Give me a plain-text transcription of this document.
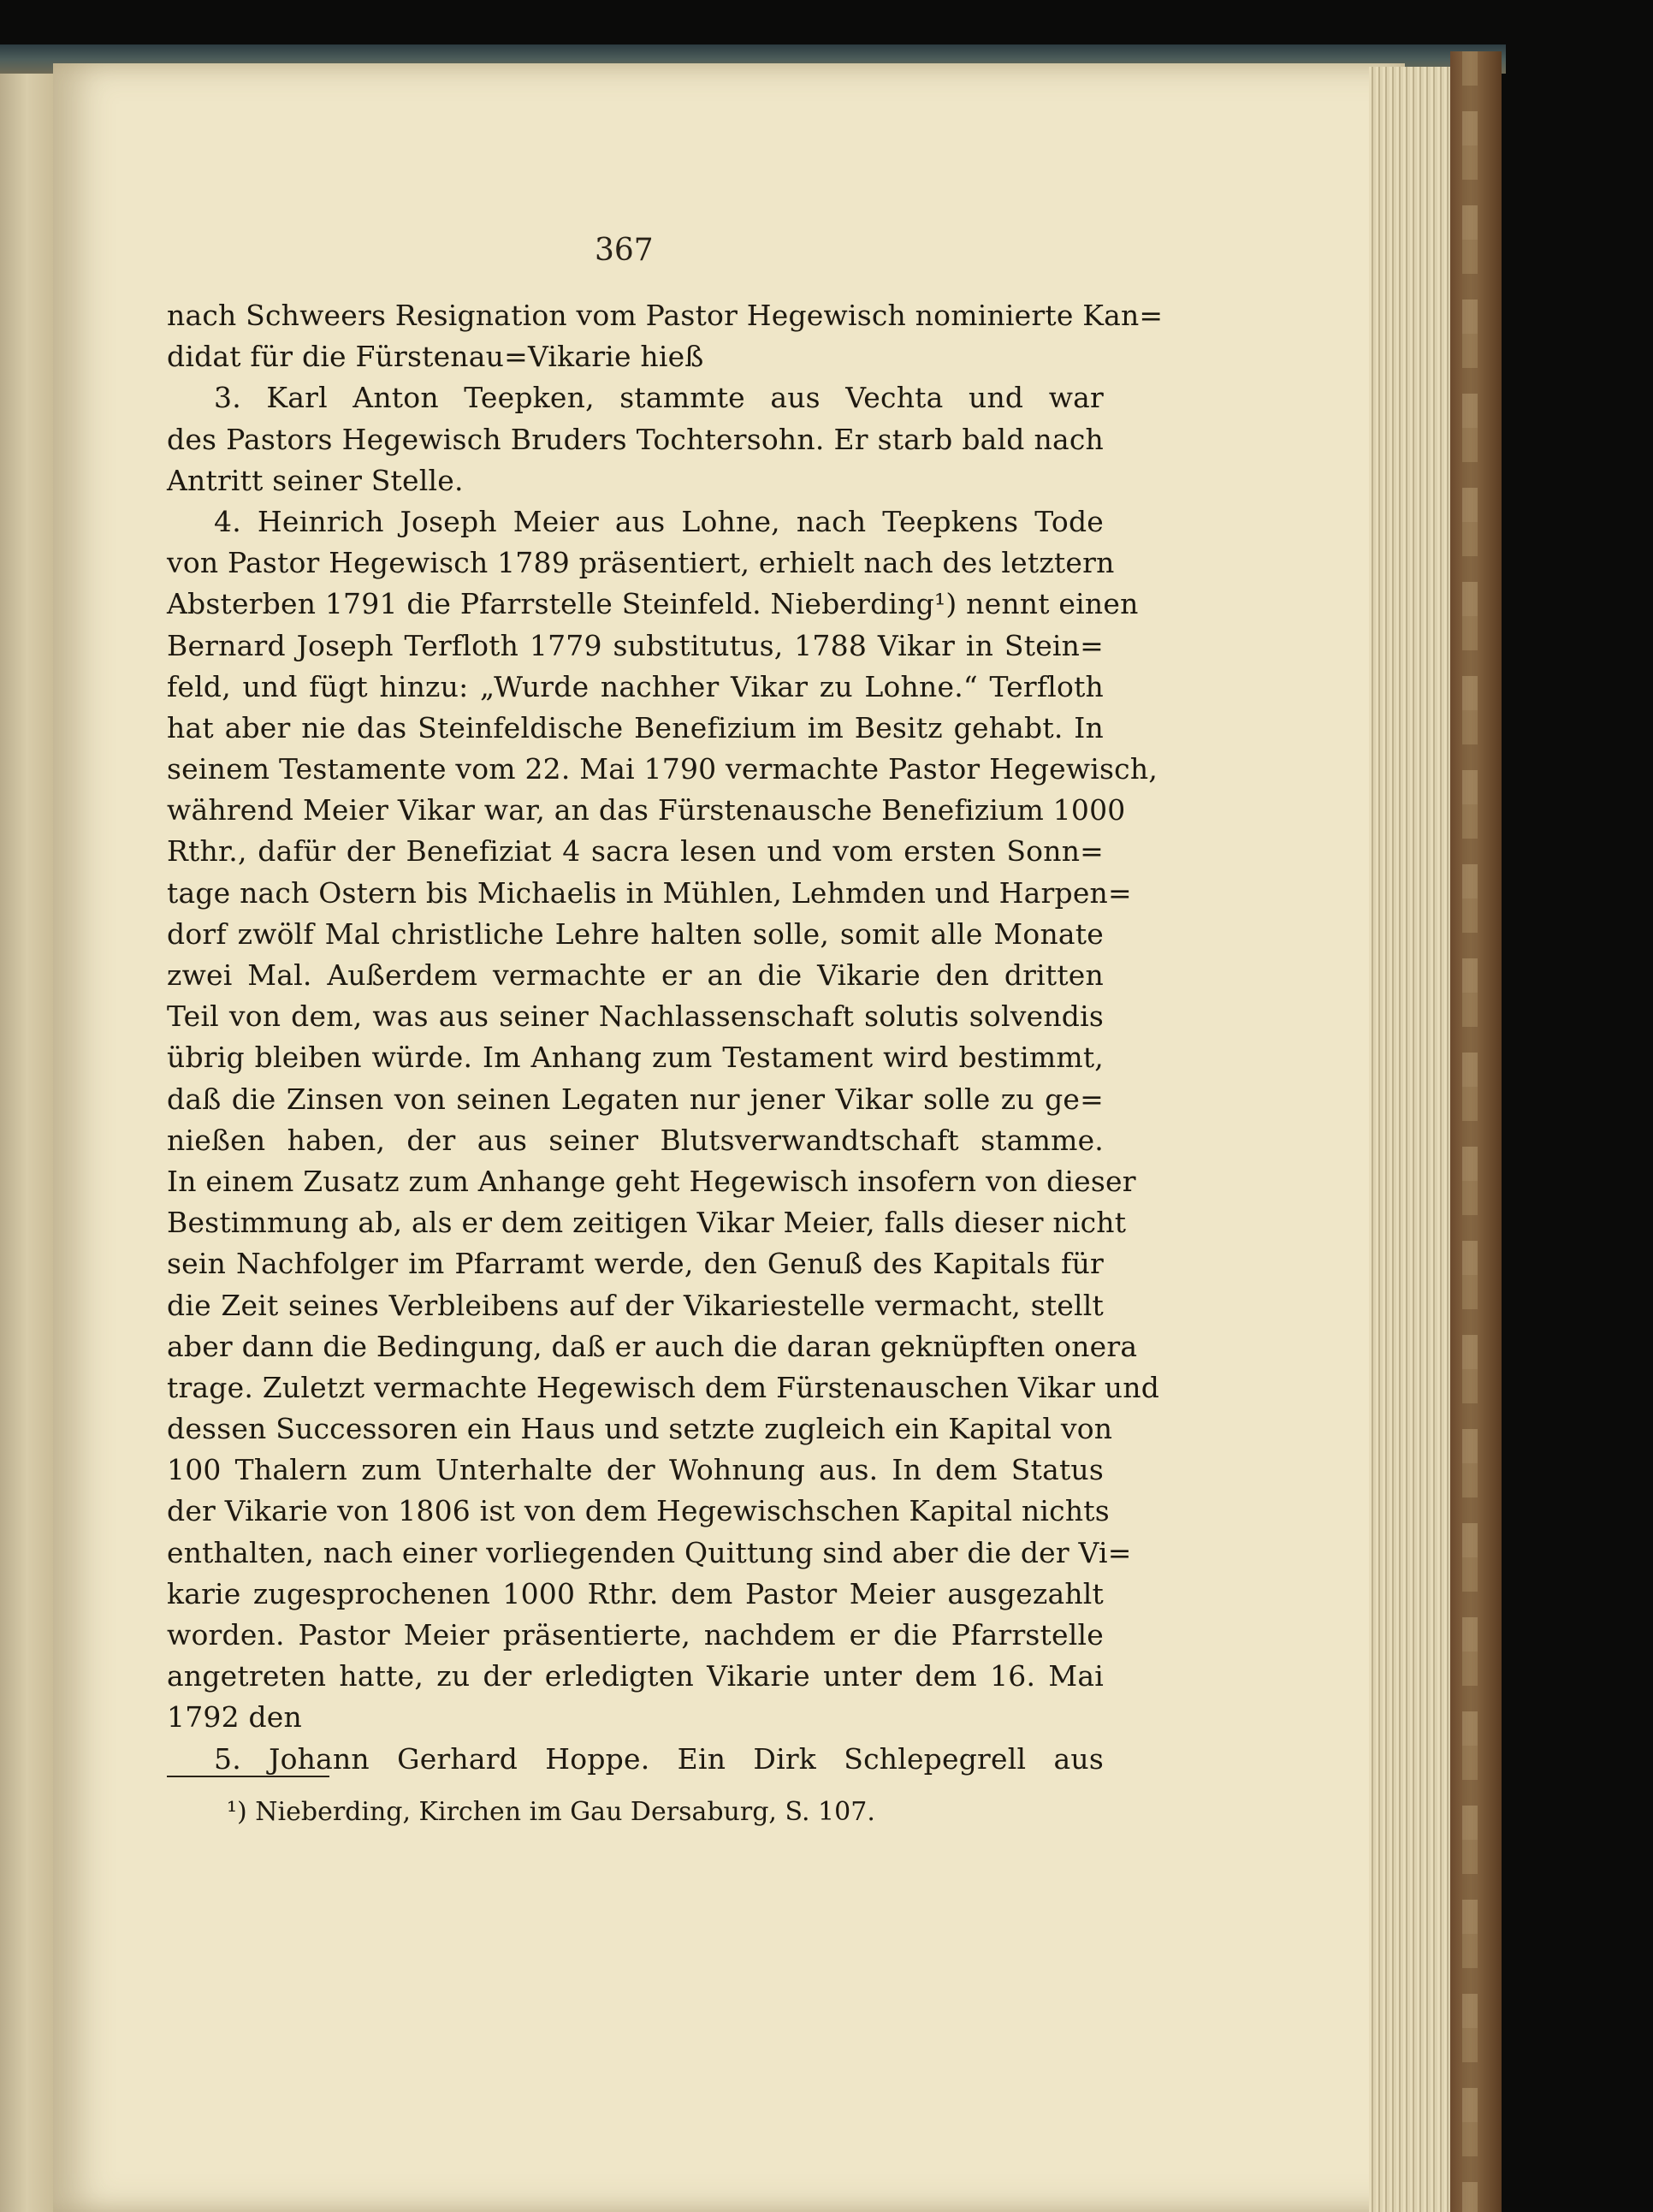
367
nach Schweers Resignation vom Pastor Hegewisch nominierte Kan=
didat für die Fürstenau=Vikarie hieß
3. Karl Anton Teepken, stammte aus Vechta und war
des Pastors Hegewisch Bruders Tochtersohn. Er starb bald nach
Antritt seiner Stelle.
4. Heinrich Joseph Meier aus Lohne, nach Teepkens Tode
von Pastor Hegewisch 1789 präsentiert, erhielt nach des letztern
Absterben 1791 die Pfarrstelle Steinfeld. Nieberding¹) nennt einen
Bernard Joseph Terfloth 1779 substitutus, 1788 Vikar in Stein=
feld, und fügt hinzu: „Wurde nachher Vikar zu Lohne.“ Terfloth
hat aber nie das Steinfeldische Benefizium im Besitz gehabt. In
seinem Testamente vom 22. Mai 1790 vermachte Pastor Hegewisch,
während Meier Vikar war, an das Fürstenausche Benefizium 1000
Rthr., dafür der Benefiziat 4 sacra lesen und vom ersten Sonn=
tage nach Ostern bis Michaelis in Mühlen, Lehmden und Harpen=
dorf zwölf Mal christliche Lehre halten solle, somit alle Monate
zwei Mal. Außerdem vermachte er an die Vikarie den dritten
Teil von dem, was aus seiner Nachlassenschaft solutis solvendis
übrig bleiben würde. Im Anhang zum Testament wird bestimmt,
daß die Zinsen von seinen Legaten nur jener Vikar solle zu ge=
nießen haben, der aus seiner Blutsverwandtschaft stamme.
In einem Zusatz zum Anhange geht Hegewisch insofern von dieser
Bestimmung ab, als er dem zeitigen Vikar Meier, falls dieser nicht
sein Nachfolger im Pfarramt werde, den Genuß des Kapitals für
die Zeit seines Verbleibens auf der Vikariestelle vermacht, stellt
aber dann die Bedingung, daß er auch die daran geknüpften onera
trage. Zuletzt vermachte Hegewisch dem Fürstenauschen Vikar und
dessen Successoren ein Haus und setzte zugleich ein Kapital von
100 Thalern zum Unterhalte der Wohnung aus. In dem Status
der Vikarie von 1806 ist von dem Hegewischschen Kapital nichts
enthalten, nach einer vorliegenden Quittung sind aber die der Vi=
karie zugesprochenen 1000 Rthr. dem Pastor Meier ausgezahlt
worden. Pastor Meier präsentierte, nachdem er die Pfarrstelle
angetreten hatte, zu der erledigten Vikarie unter dem 16. Mai
1792 den
5. Johann Gerhard Hoppe. Ein Dirk Schlepegrell aus
¹) Nieberding, Kirchen im Gau Dersaburg, S. 107.
